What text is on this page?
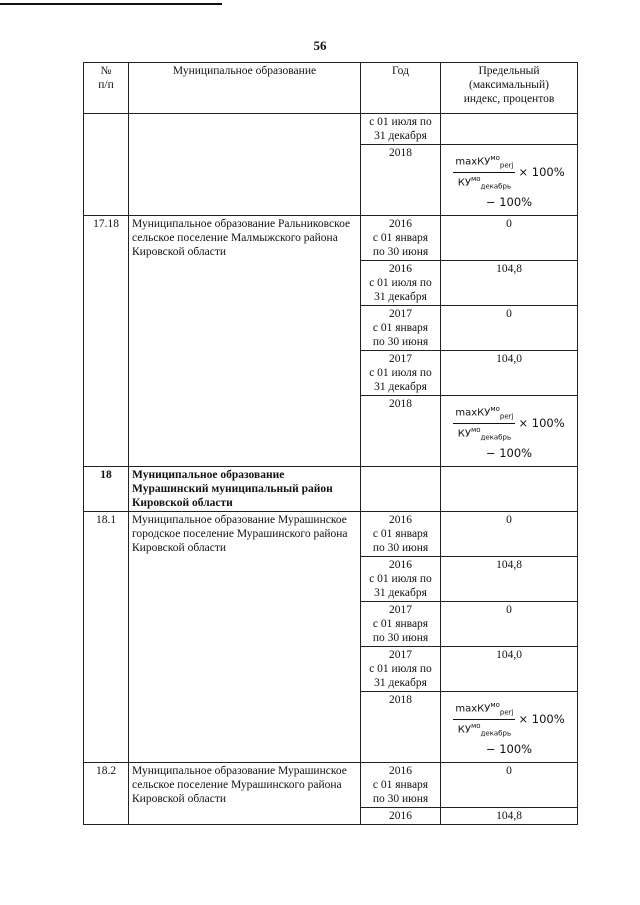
56
№
п/п	Муниципальное образование	Год	Предельный
(максимальный)
индекс, процентов
		с 01 июля по
31 декабря	
		2018	$\frac{\max КУ^{мо}_{perj}}{КУ^{мо}_{декабрь}} \times 100\%$
− 100%

17.18	Муниципальное образование Ральниковское сельское поселение Малмыжского района Кировской области	2016
с 01 января
по 30 июня	0
		2016
с 01 июля по
31 декабря	104,8
		2017
с 01 января
по 30 июня	0
		2017
с 01 июля по
31 декабря	104,0
		2018	$\frac{\max КУ^{мо}_{perj}}{КУ^{мо}_{декабрь}} \times 100\%$
− 100%

18	Муниципальное образование Мурашинский муниципальный район Кировской области		
18.1	Муниципальное образование Мурашинское городское поселение Мурашинского района Кировской области	2016
с 01 января
по 30 июня	0
		2016
с 01 июля по
31 декабря	104,8
		2017
с 01 января
по 30 июня	0
		2017
с 01 июля по
31 декабря	104,0
		2018	$\frac{\max КУ^{мо}_{perj}}{КУ^{мо}_{декабрь}} \times 100\%$
− 100%

18.2	Муниципальное образование Мурашинское сельское поселение Мурашинского района Кировской области	2016
с 01 января
по 30 июня	0
		2016	104,8
